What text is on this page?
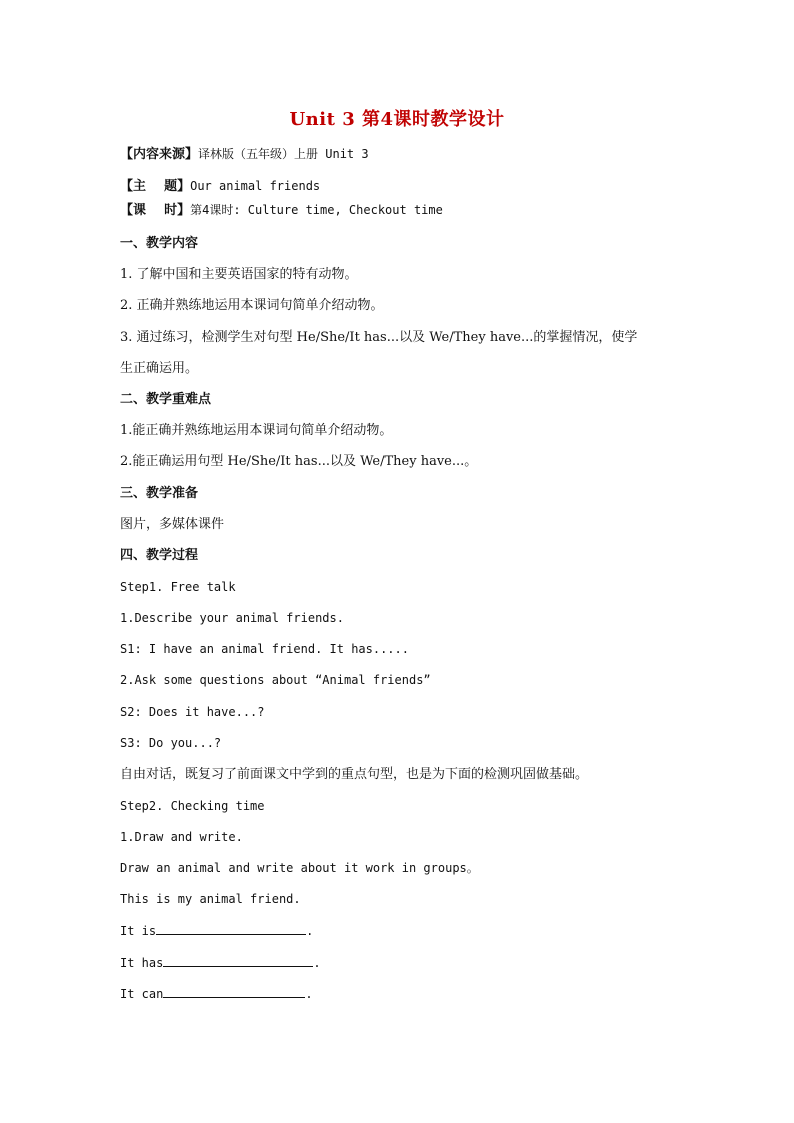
Unit 3 第4课时教学设计
【内容来源】译林版（五年级）上册 Unit 3
【主    题】Our animal friends
【课    时】第4课时: Culture time, Checkout time
一、教学内容
1. 了解中国和主要英语国家的特有动物。
2. 正确并熟练地运用本课词句简单介绍动物。
3. 通过练习，检测学生对句型 He/She/It has...以及 We/They have...的掌握情况，使学
生正确运用。
二、教学重难点
1.能正确并熟练地运用本课词句简单介绍动物。
2.能正确运用句型 He/She/It has...以及 We/They have...。
三、教学准备
图片，多媒体课件
四、教学过程
Step1. Free talk
1.Describe your animal friends.
S1: I have an animal friend. It has.....
2.Ask some questions about “Animal friends”
S2: Does it have...?
S3: Do you...?
自由对话，既复习了前面课文中学到的重点句型，也是为下面的检测巩固做基础。
Step2. Checking time
1.Draw and write.
Draw an animal and write about it work in groups。
This is my animal friend.
It is	.
It has	.
It can	.
